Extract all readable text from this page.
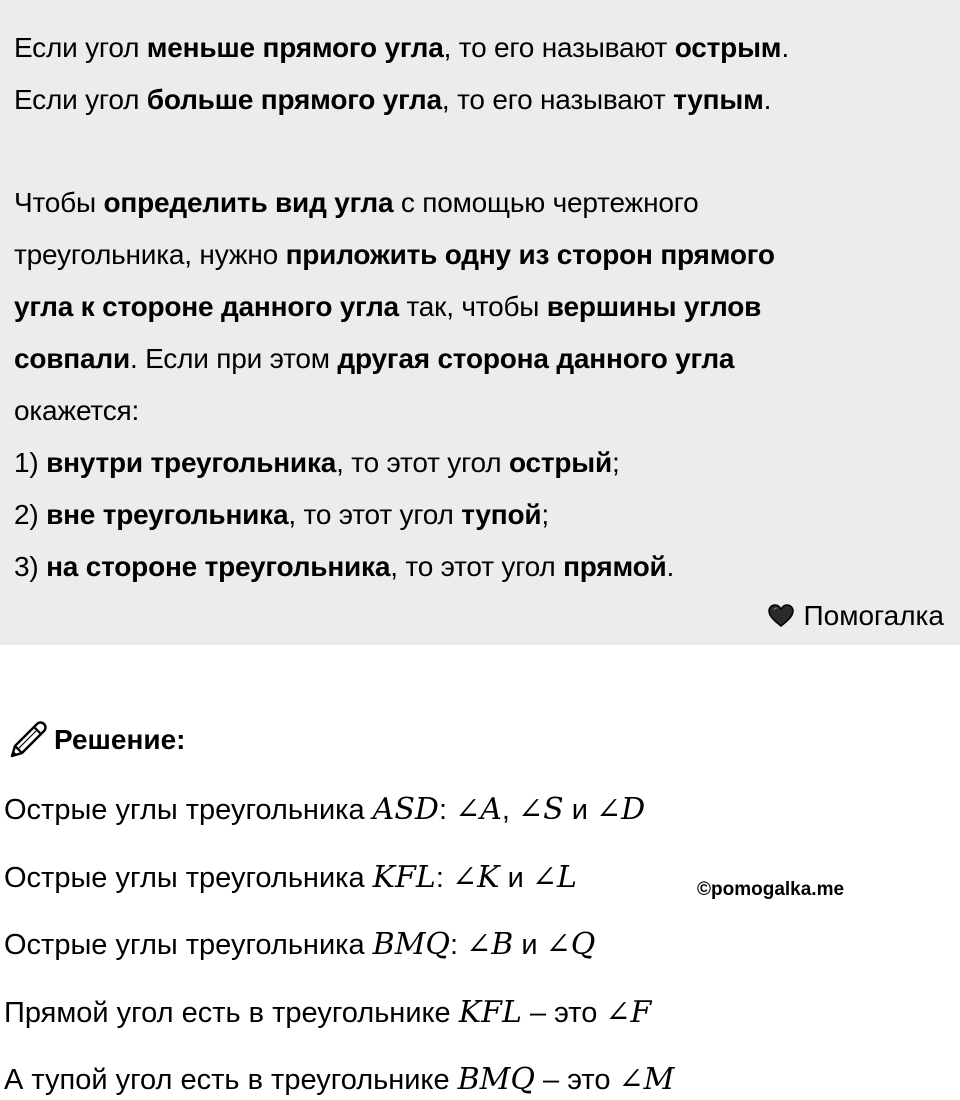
Если угол меньше прямого угла, то его называют острым.
Если угол больше прямого угла, то его называют тупым.
Чтобы определить вид угла с помощью чертежного
треугольника, нужно приложить одну из сторон прямого
угла к стороне данного угла так, чтобы вершины углов
совпали. Если при этом другая сторона данного угла
окажется:
1) внутри треугольника, то этот угол острый;
2) вне треугольника, то этот угол тупой;
3) на стороне треугольника, то этот угол прямой.
Помогалка
Решение:
Острые углы треугольника ASD: ∠A, ∠S и ∠D
Острые углы треугольника KFL: ∠K и ∠L
Острые углы треугольника BMQ: ∠B и ∠Q
Прямой угол есть в треугольнике KFL – это ∠F
А тупой угол есть в треугольнике BMQ – это ∠M
©pomogalka.me
